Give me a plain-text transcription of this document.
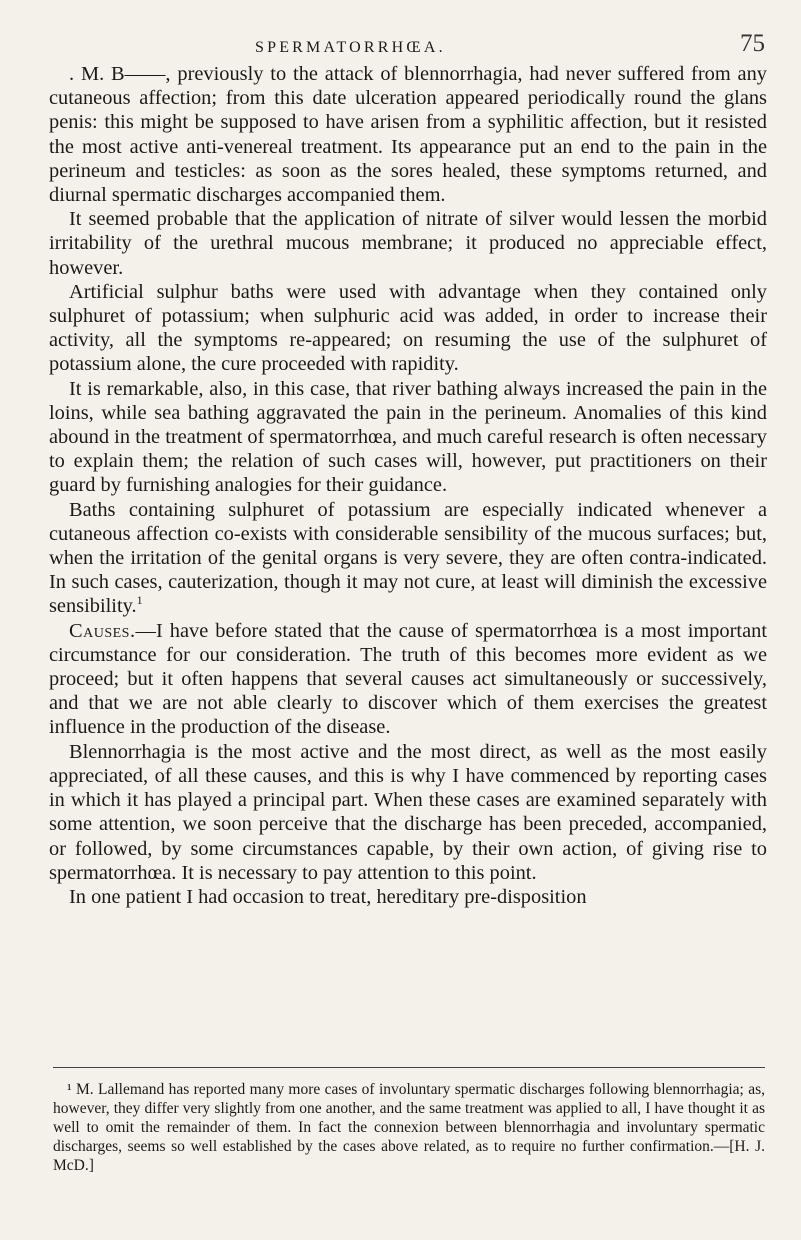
SPERMATORRHŒA.	75

. M. B——, previously to the attack of blennorrhagia, had never suffered from any cutaneous affection; from this date ulceration appeared periodically round the glans penis: this might be supposed to have arisen from a syphilitic affection, but it resisted the most active anti-venereal treatment. Its appearance put an end to the pain in the perineum and testicles: as soon as the sores healed, these symptoms returned, and diurnal spermatic discharges accompanied them.

It seemed probable that the application of nitrate of silver would lessen the morbid irritability of the urethral mucous membrane; it produced no appreciable effect, however.

Artificial sulphur baths were used with advantage when they contained only sulphuret of potassium; when sulphuric acid was added, in order to increase their activity, all the symptoms re-appeared; on resuming the use of the sulphuret of potassium alone, the cure proceeded with rapidity.

It is remarkable, also, in this case, that river bathing always increased the pain in the loins, while sea bathing aggravated the pain in the perineum. Anomalies of this kind abound in the treatment of spermatorrhœa, and much careful research is often necessary to explain them; the relation of such cases will, however, put practitioners on their guard by furnishing analogies for their guidance.

Baths containing sulphuret of potassium are especially indicated whenever a cutaneous affection co-exists with considerable sensibility of the mucous surfaces; but, when the irritation of the genital organs is very severe, they are often contra-indicated. In such cases, cauterization, though it may not cure, at least will diminish the excessive sensibility.$^1$

Causes.—I have before stated that the cause of spermatorrhœa is a most important circumstance for our consideration. The truth of this becomes more evident as we proceed; but it often happens that several causes act simultaneously or successively, and that we are not able clearly to discover which of them exercises the greatest influence in the production of the disease.

Blennorrhagia is the most active and the most direct, as well as the most easily appreciated, of all these causes, and this is why I have commenced by reporting cases in which it has played a principal part. When these cases are examined separately with some attention, we soon perceive that the discharge has been preceded, accompanied, or followed, by some circumstances capable, by their own action, of giving rise to spermatorrhœa. It is necessary to pay attention to this point.

In one patient I had occasion to treat, hereditary pre-disposition

¹ M. Lallemand has reported many more cases of involuntary spermatic discharges following blennorrhagia; as, however, they differ very slightly from one another, and the same treatment was applied to all, I have thought it as well to omit the remainder of them. In fact the connexion between blennorrhagia and involuntary spermatic discharges, seems so well established by the cases above related, as to require no further confirmation.—[H. J. McD.]
